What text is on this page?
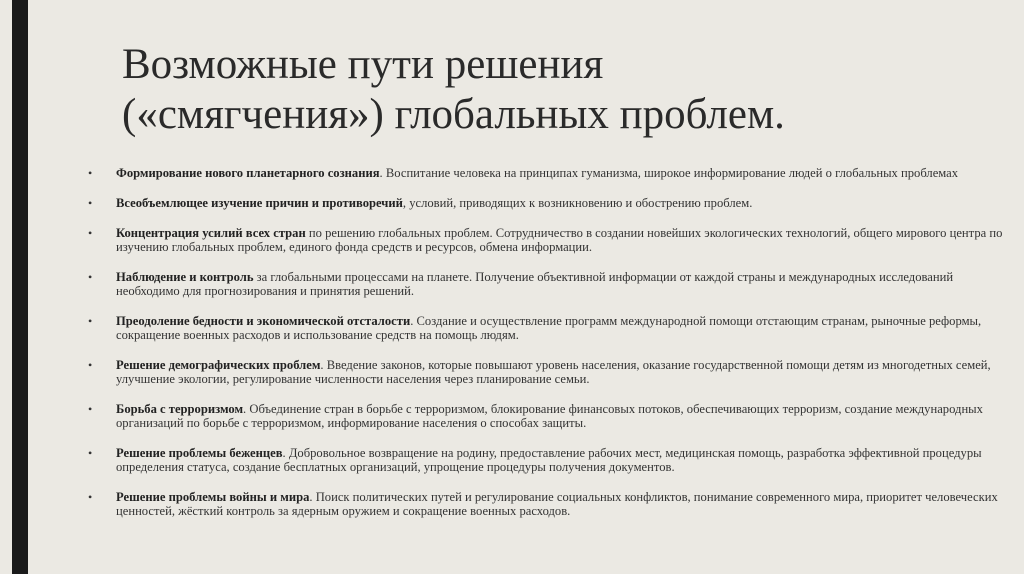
Возможные пути решения
(«смягчения») глобальных проблем.
• Формирование нового планетарного сознания. Воспитание человека на принципах гуманизма, широкое информирование людей о глобальных проблемах
• Всеобъемлющее изучение причин и противоречий, условий, приводящих к возникновению и обострению проблем.
• Концентрация усилий всех стран по решению глобальных проблем. Сотрудничество в создании новейших экологических технологий, общего мирового центра по изучению глобальных проблем, единого фонда средств и ресурсов, обмена информации.
• Наблюдение и контроль за глобальными процессами на планете. Получение объективной информации от каждой страны и международных исследований необходимо для прогнозирования и принятия решений.
• Преодоление бедности и экономической отсталости. Создание и осуществление программ международной помощи отстающим странам, рыночные реформы, сокращение военных расходов и использование средств на помощь людям.
• Решение демографических проблем. Введение законов, которые повышают уровень населения, оказание государственной помощи детям из многодетных семей, улучшение экологии, регулирование численности населения через планирование семьи.
• Борьба с терроризмом. Объединение стран в борьбе с терроризмом, блокирование финансовых потоков, обеспечивающих терроризм, создание международных организаций по борьбе с терроризмом, информирование населения о способах защиты.
• Решение проблемы беженцев. Добровольное возвращение на родину, предоставление рабочих мест, медицинская помощь, разработка эффективной процедуры определения статуса, создание бесплатных организаций, упрощение процедуры получения документов.
• Решение проблемы войны и мира. Поиск политических путей и регулирование социальных конфликтов, понимание современного мира, приоритет человеческих ценностей, жёсткий контроль за ядерным оружием и сокращение военных расходов.
